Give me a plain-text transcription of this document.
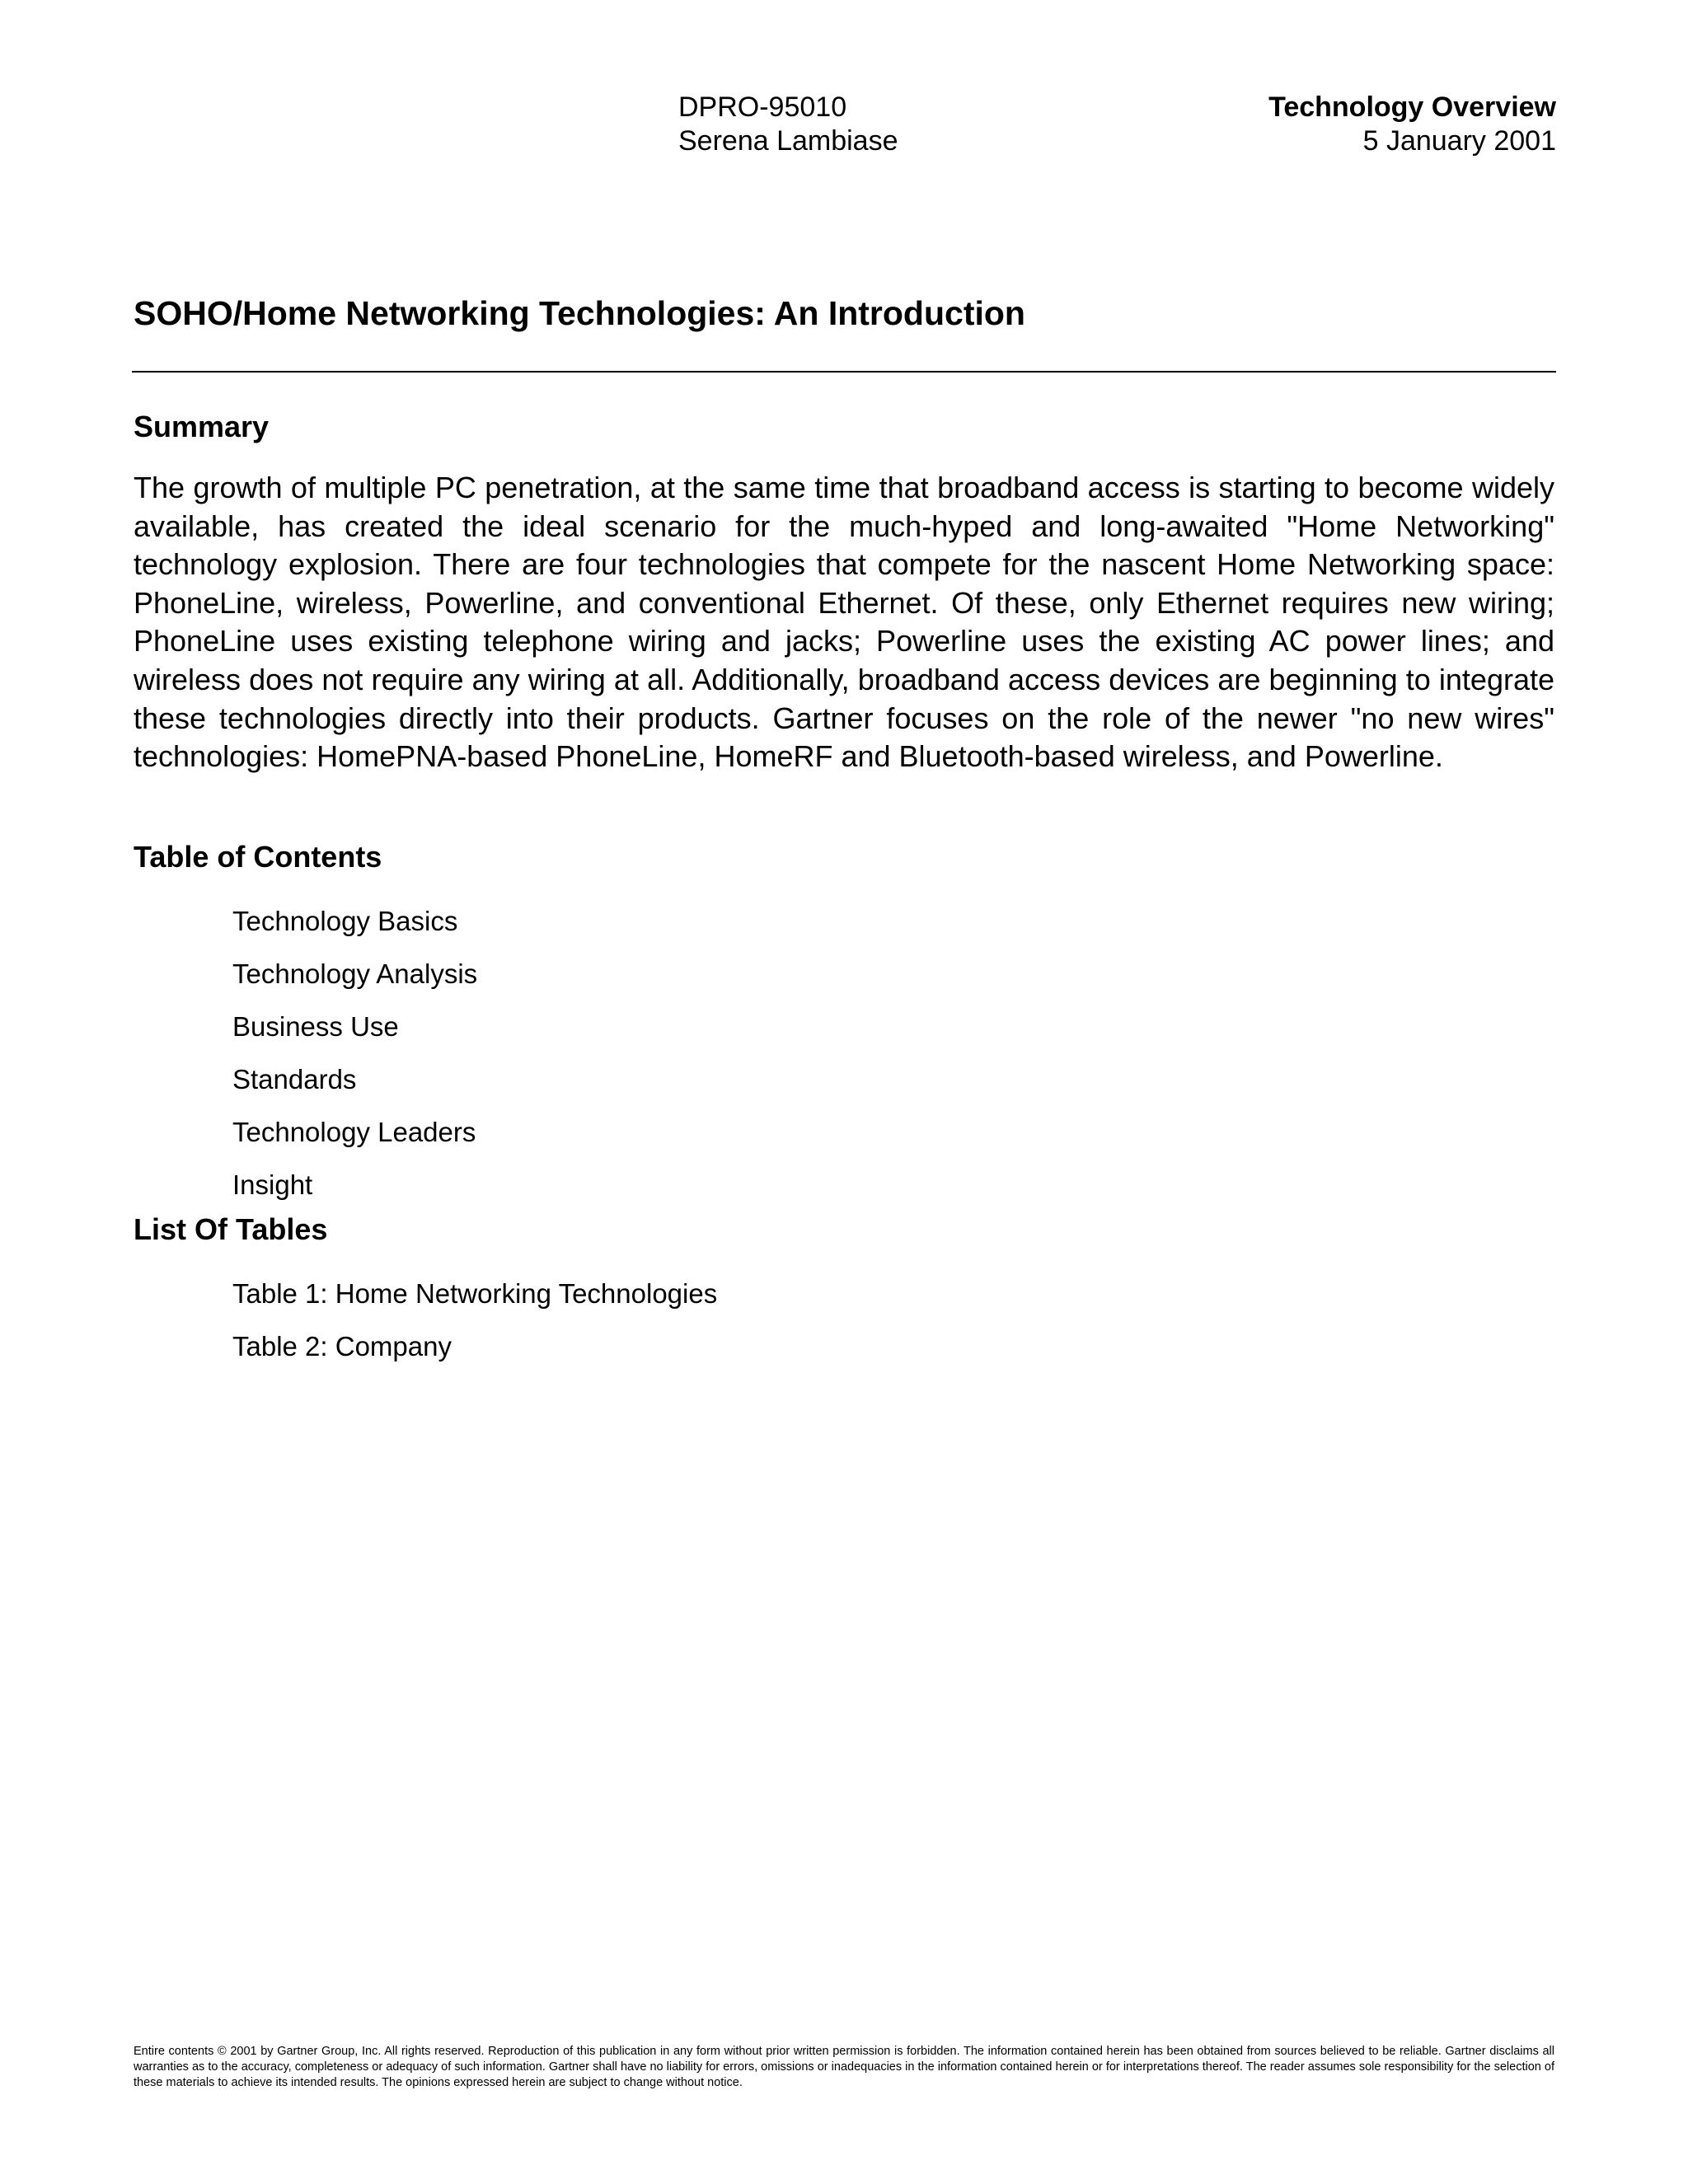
DPRO-95010
Serena Lambiase
Technology Overview
5 January 2001
SOHO/Home Networking Technologies: An Introduction
Summary

The growth of multiple PC penetration, at the same time that broadband access is starting to become widely available, has created the ideal scenario for the much-hyped and long-awaited "Home Networking" technology explosion. There are four technologies that compete for the nascent Home Networking space: PhoneLine, wireless, Powerline, and conventional Ethernet. Of these, only Ethernet requires new wiring; PhoneLine uses existing telephone wiring and jacks; Powerline uses the existing AC power lines; and wireless does not require any wiring at all. Additionally, broadband access devices are beginning to integrate these technologies directly into their products. Gartner focuses on the role of the newer "no new wires" technologies: HomePNA-based PhoneLine, HomeRF and Bluetooth-based wireless, and Powerline.

Table of Contents
Technology Basics
Technology Analysis
Business Use
Standards
Technology Leaders
Insight
List Of Tables
Table 1: Home Networking Technologies
Table 2: Company

Entire contents © 2001 by Gartner Group, Inc. All rights reserved. Reproduction of this publication in any form without prior written permission is forbidden. The information contained herein has been obtained from sources believed to be reliable. Gartner disclaims all warranties as to the accuracy, completeness or adequacy of such information. Gartner shall have no liability for errors, omissions or inadequacies in the information contained herein or for interpretations thereof. The reader assumes sole responsibility for the selection of these materials to achieve its intended results. The opinions expressed herein are subject to change without notice.
